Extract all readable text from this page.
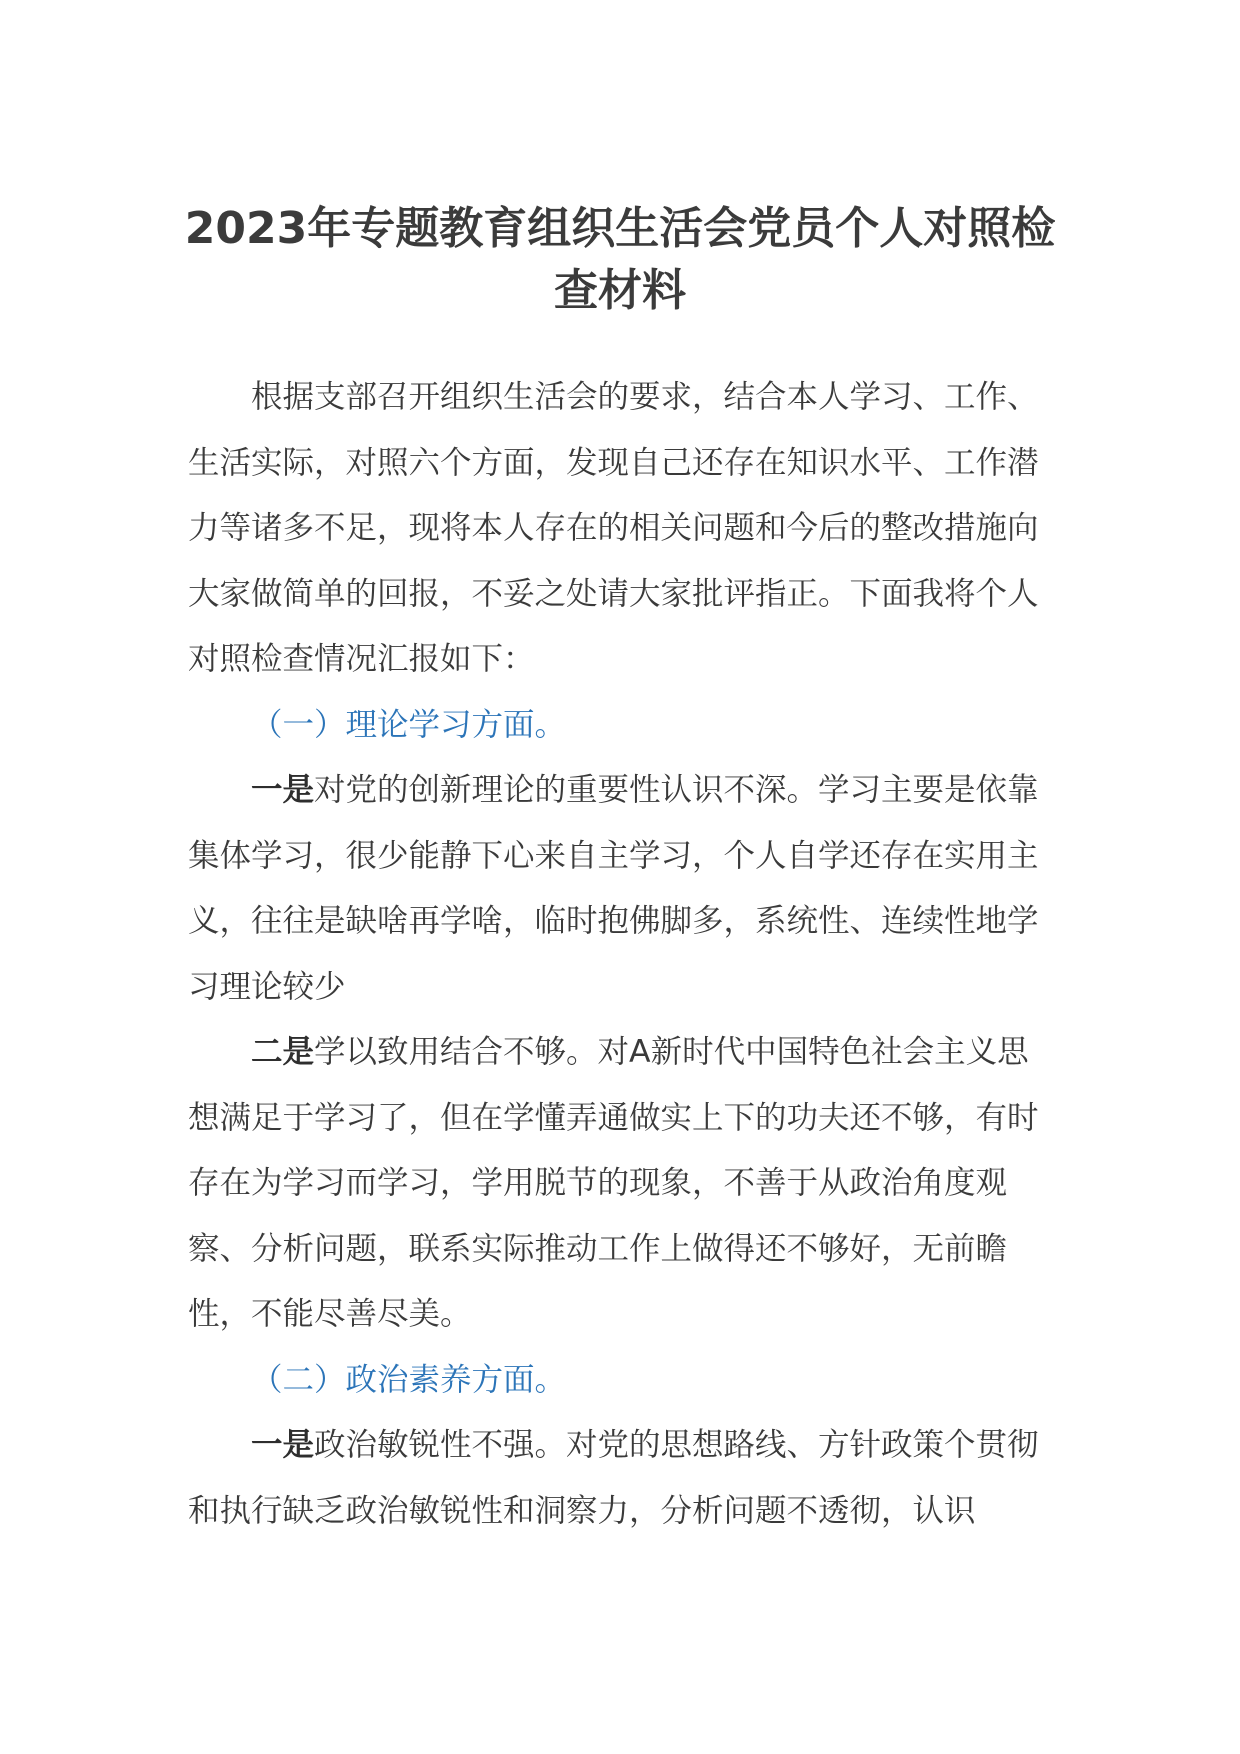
2023年专题教育组织生活会党员个人对照检查材料

根据支部召开组织生活会的要求，结合本人学习、工作、生活实际，对照六个方面，发现自己还存在知识水平、工作潜力等诸多不足，现将本人存在的相关问题和今后的整改措施向大家做简单的回报，不妥之处请大家批评指正。下面我将个人对照检查情况汇报如下：

（一）理论学习方面。

一是对党的创新理论的重要性认识不深。学习主要是依靠集体学习，很少能静下心来自主学习，个人自学还存在实用主义，往往是缺啥再学啥，临时抱佛脚多，系统性、连续性地学习理论较少

二是学以致用结合不够。对A新时代中国特色社会主义思想满足于学习了，但在学懂弄通做实上下的功夫还不够，有时存在为学习而学习，学用脱节的现象，不善于从政治角度观察、分析问题，联系实际推动工作上做得还不够好，无前瞻性，不能尽善尽美。

（二）政治素养方面。

一是政治敏锐性不强。对党的思想路线、方针政策个贯彻和执行缺乏政治敏锐性和洞察力，分析问题不透彻，认识
